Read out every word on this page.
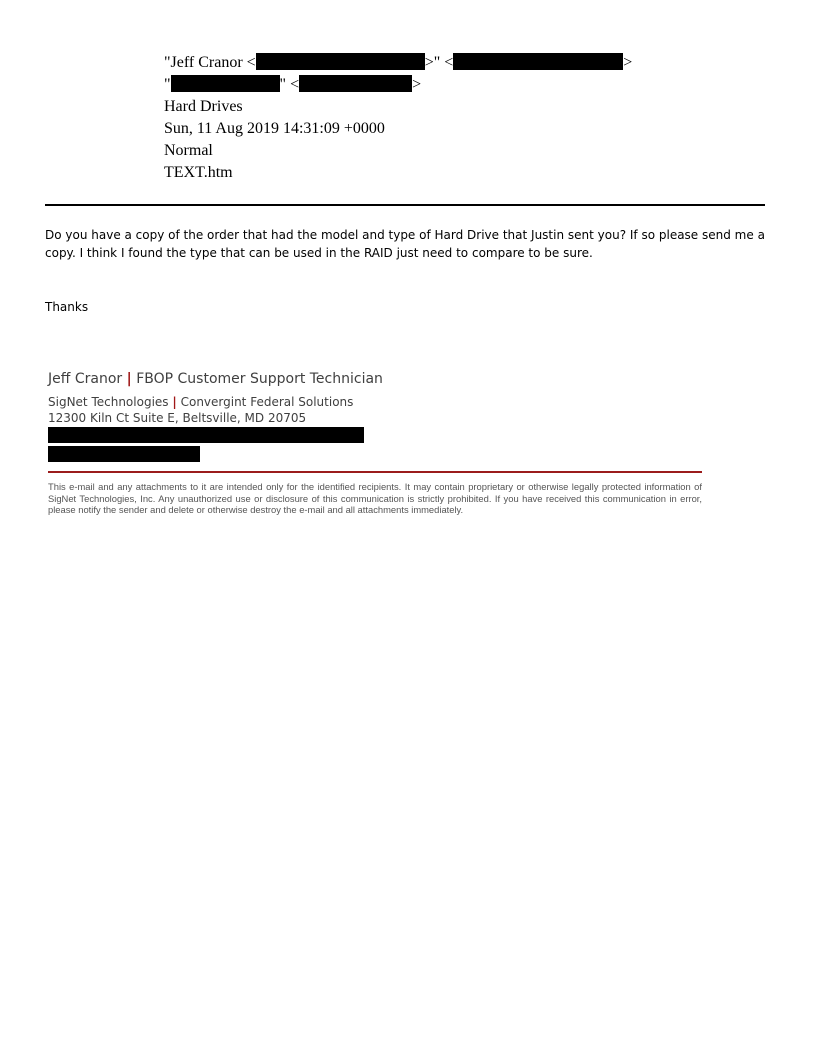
"Jeff Cranor <	>" <	>
"	" <	>
Hard Drives
Sun, 11 Aug 2019 14:31:09 +0000
Normal
TEXT.htm
Do you have a copy of the order that had the model and type of Hard Drive that Justin sent you? If so please send me a copy. I think I found the type that can be used in the RAID just need to compare to be sure.
Thanks
Jeff Cranor | FBOP Customer Support Technician
SigNet Technologies | Convergint Federal Solutions
12300 Kiln Ct Suite E, Beltsville, MD 20705
This e-mail and any attachments to it are intended only for the identified recipients. It may contain proprietary or otherwise legally protected information of SigNet Technologies, Inc. Any unauthorized use or disclosure of this communication is strictly prohibited. If you have received this communication in error, please notify the sender and delete or otherwise destroy the e-mail and all attachments immediately.
